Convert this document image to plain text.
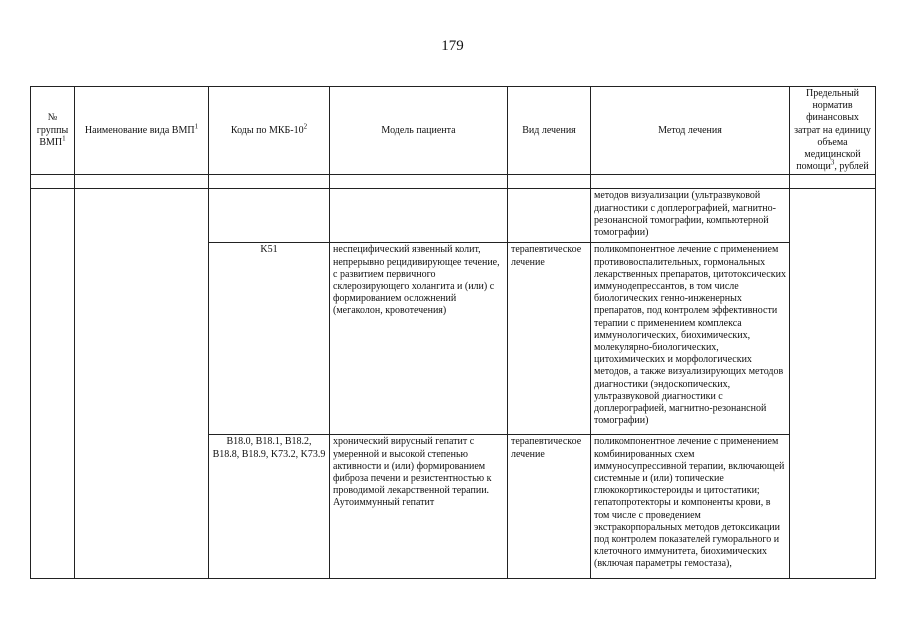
179
№ группы ВМП$^1$	Наименование вида ВМП$^1$	Коды по МКБ-$10^2$	Модель пациента	Вид лечения	Метод лечения	Предельный норматив финансовых затрат на единицу объема медицинской помощи$^3$, рублей

					методов визуализации (ультразвуковой диагностики с доплерографией, магнитно-резонансной томографии, компьютерной томографии)	
		K51	неспецифический язвенный колит, непрерывно рецидивирующее течение, с развитием первичного склерозирующего холангита и (или) с формированием осложнений (мегаколон, кровотечения)	терапевтическое лечение	поликомпонентное лечение с применением противовоспалительных, гормональных лекарственных препаратов, цитотоксических иммунодепрессантов, в том числе биологических генно-инженерных препаратов, под контролем эффективности терапии с применением комплекса иммунологических, биохимических, молекулярно-биологических, цитохимических и морфологических методов, а также визуализирующих методов диагностики (эндоскопических, ультразвуковой диагностики с доплерографией, магнитно-резонансной томографии)	
		B18.0, B18.1, B18.2, B18.8, B18.9, K73.2, K73.9	хронический вирусный гепатит с умеренной и высокой степенью активности и (или) формированием фиброза печени и резистентностью к проводимой лекарственной терапии. Аутоиммунный гепатит	терапевтическое лечение	поликомпонентное лечение с применением комбинированных схем иммуносупрессивной терапии, включающей системные и (или) топические глюкокортикостероиды и цитостатики; гепатопротекторы и компоненты крови, в том числе с проведением экстракорпоральных методов детоксикации под контролем показателей гуморального и клеточного иммунитета, биохимических (включая параметры гемостаза),	
